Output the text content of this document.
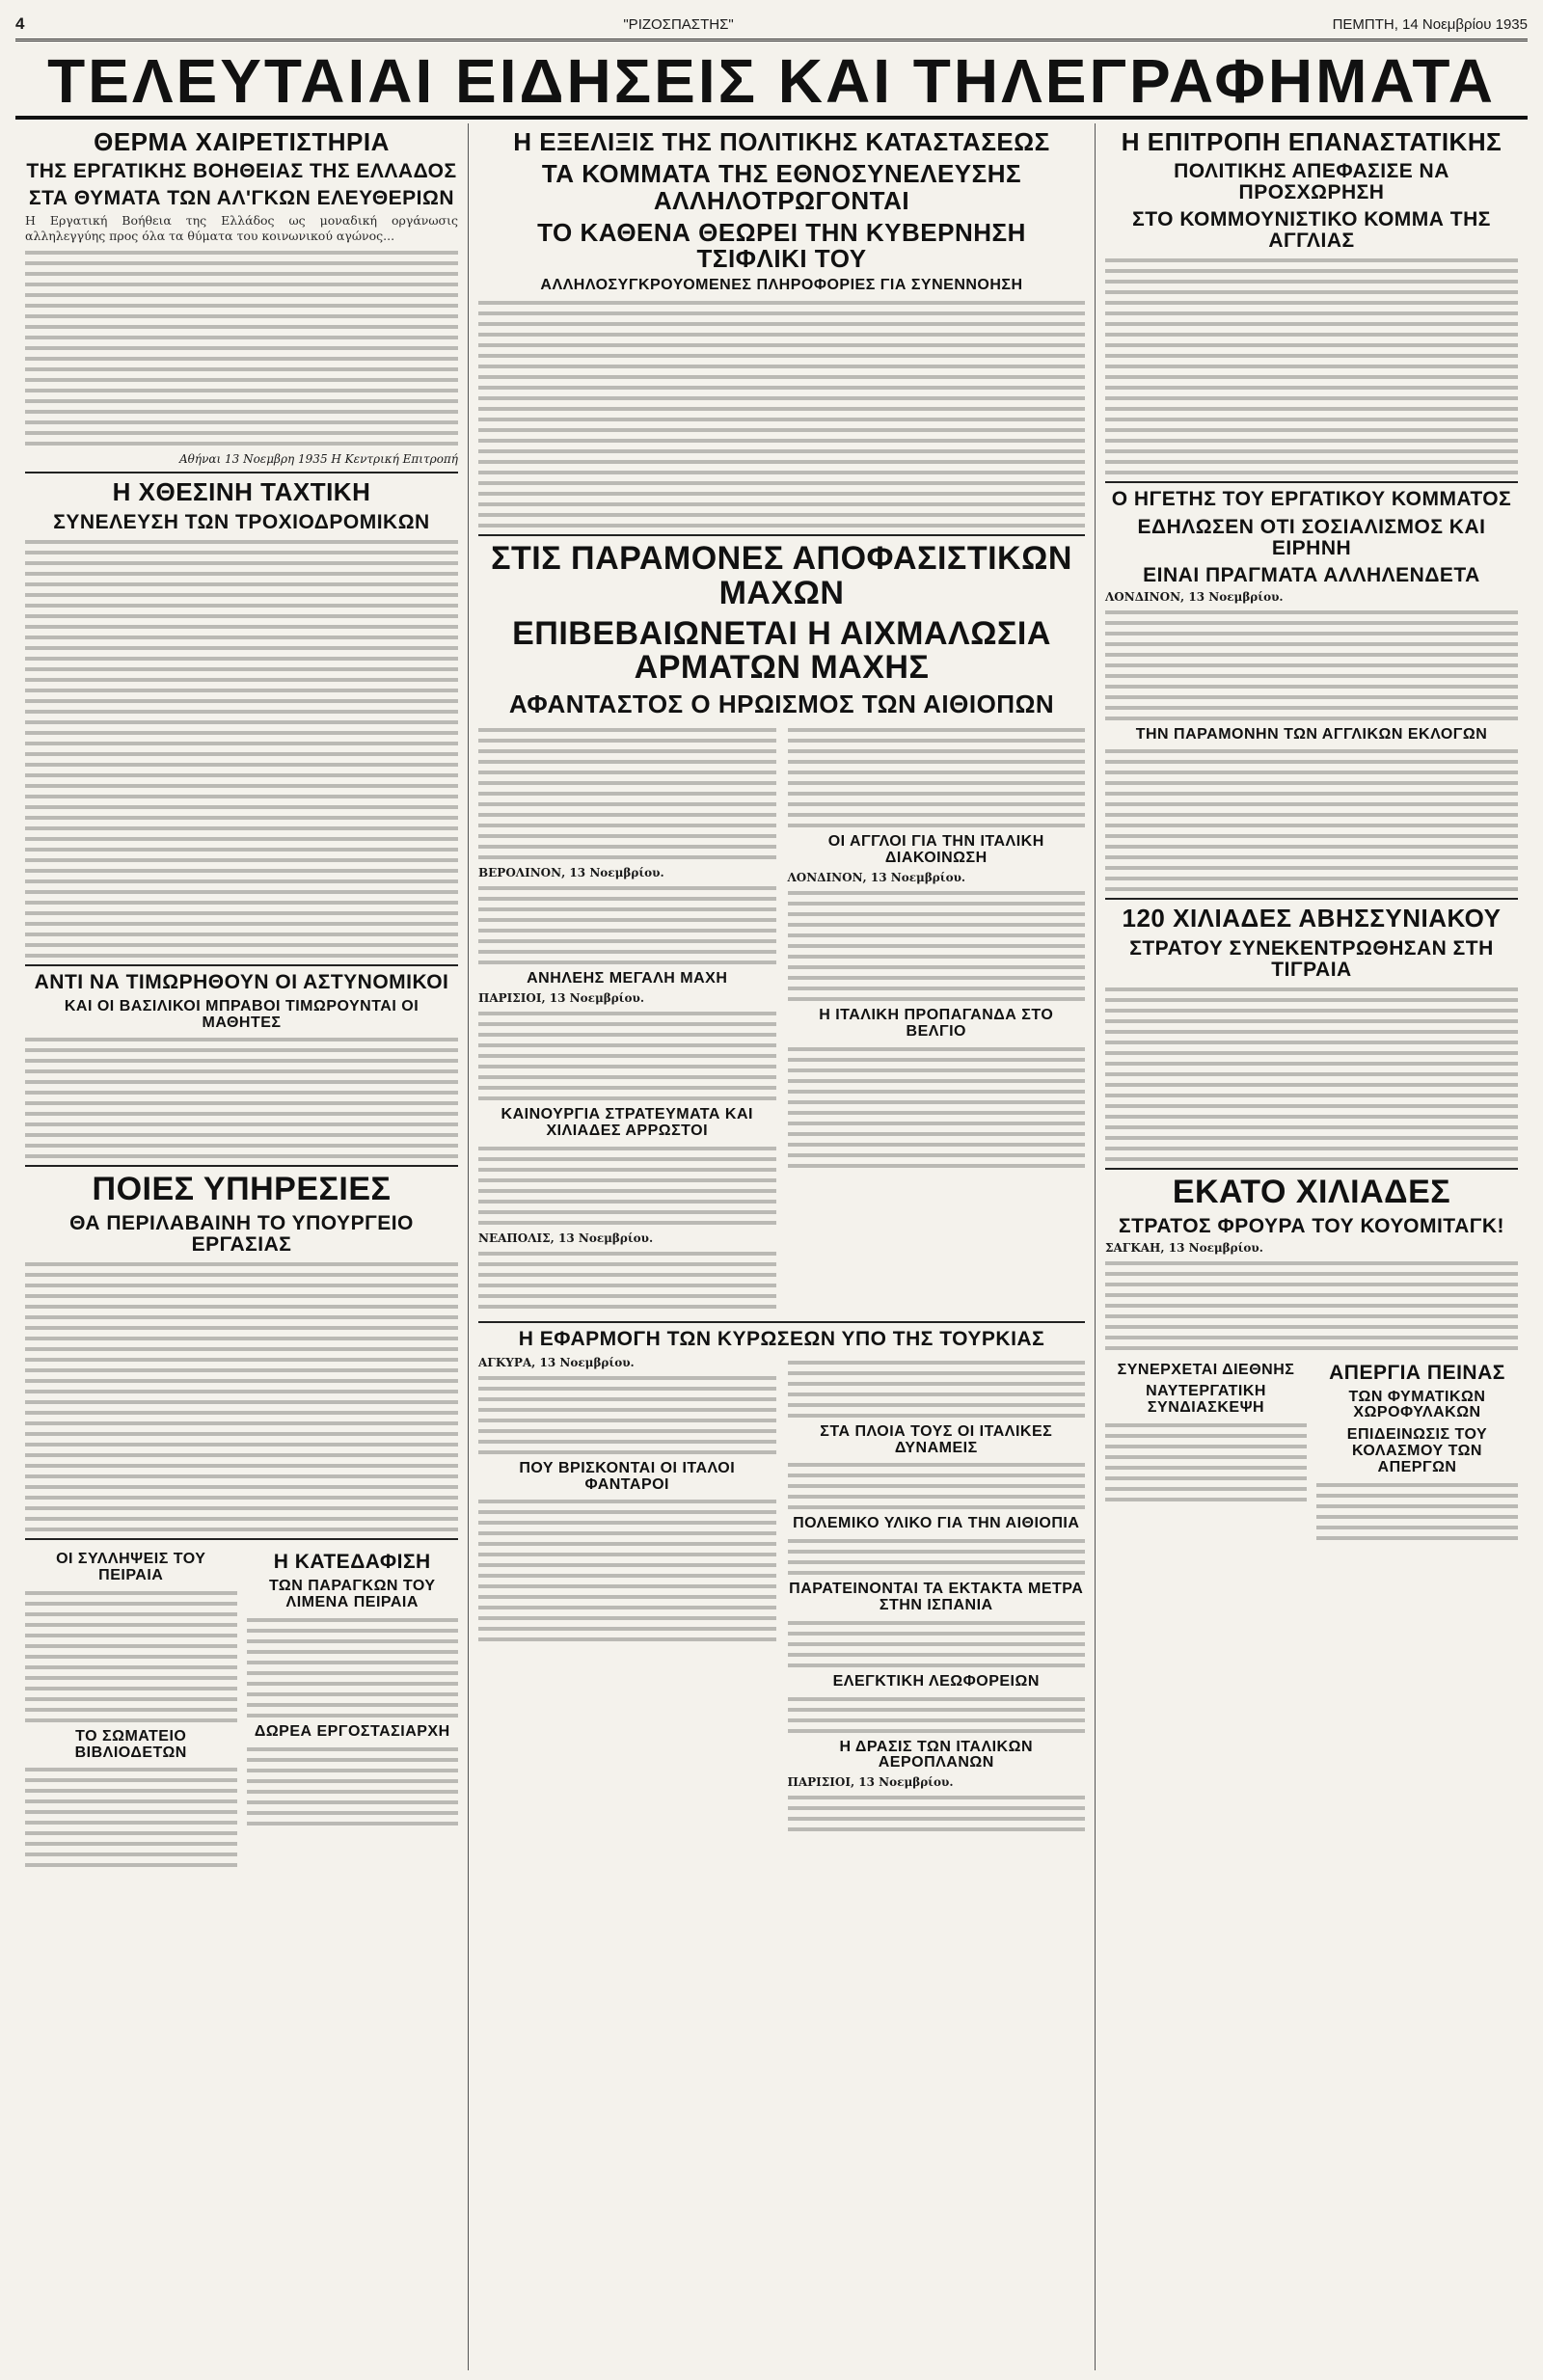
4	"ΡΙΖΟΣΠΑΣΤΗΣ"	ΠΕΜΠΤΗ, 14 Νοεμβρίου 1935
ΤΕΛΕΥΤΑΙΑΙ ΕΙΔΗΣΕΙΣ ΚΑΙ ΤΗΛΕΓΡΑΦΗΜΑΤΑ
ΘΕΡΜΑ ΧΑΙΡΕΤΙΣΤΗΡΙΑ
ΤΗΣ ΕΡΓΑΤΙΚΗΣ ΒΟΗΘΕΙΑΣ ΤΗΣ ΕΛΛΑΔΟΣ
ΣΤΑ ΘΥΜΑΤΑ ΤΩΝ ΑΛ'ΓΚΩΝ ΕΛΕΥΘΕΡΙΩΝ

Η Εργατική Βοήθεια της Ελλάδος ως μοναδική οργάνωσις αλληλεγγύης προς όλα τα θύματα του κοινωνικού αγώνος...

Αθήναι 13 Νοεμβρη 1935 Η Κεντρική Επιτροπή
Η ΧΘΕΣΙΝΗ ΤΑΧΤΙΚΗ
ΣΥΝΕΛΕΥΣΗ ΤΩΝ ΤΡΟΧΙΟΔΡΟΜΙΚΩΝ
ΑΝΤΙ ΝΑ ΤΙΜΩΡΗΘΟΥΝ ΟΙ ΑΣΤΥΝΟΜΙΚΟΙ
ΚΑΙ ΟΙ ΒΑΣΙΛΙΚΟΙ ΜΠΡΑΒΟΙ ΤΙΜΩΡΟΥΝΤΑΙ ΟΙ ΜΑΘΗΤΕΣ
ΠΟΙΕΣ ΥΠΗΡΕΣΙΕΣ
ΘΑ ΠΕΡΙΛΑΒΑΙΝΗ ΤΟ ΥΠΟΥΡΓΕΙΟ ΕΡΓΑΣΙΑΣ
ΟΙ ΣΥΛΛΗΨΕΙΣ ΤΟΥ ΠΕΙΡΑΙΑ
ΤΟ ΣΩΜΑΤΕΙΟ ΒΙΒΛΙΟΔΕΤΩΝ
Η ΚΑΤΕΔΑΦΙΣΗ
ΤΩΝ ΠΑΡΑΓΚΩΝ ΤΟΥ ΛΙΜΕΝΑ ΠΕΙΡΑΙΑ
ΔΩΡΕΑ ΕΡΓΟΣΤΑΣΙΑΡΧΗ
Η ΕΞΕΛΙΞΙΣ ΤΗΣ ΠΟΛΙΤΙΚΗΣ ΚΑΤΑΣΤΑΣΕΩΣ
ΤΑ ΚΟΜΜΑΤΑ ΤΗΣ ΕΘΝΟΣΥΝΕΛΕΥΣΗΣ ΑΛΛΗΛΟΤΡΩΓΟΝΤΑΙ
ΤΟ ΚΑΘΕΝΑ ΘΕΩΡΕΙ ΤΗΝ ΚΥΒΕΡΝΗΣΗ ΤΣΙΦΛΙΚΙ ΤΟΥ
ΑΛΛΗΛΟΣΥΓΚΡΟΥΟΜΕΝΕΣ ΠΛΗΡΟΦΟΡΙΕΣ ΓΙΑ ΣΥΝΕΝΝΟΗΣΗ
ΣΤΙΣ ΠΑΡΑΜΟΝΕΣ ΑΠΟΦΑΣΙΣΤΙΚΩΝ ΜΑΧΩΝ
ΕΠΙΒΕΒΑΙΩΝΕΤΑΙ Η ΑΙΧΜΑΛΩΣΙΑ ΑΡΜΑΤΩΝ ΜΑΧΗΣ
ΑΦΑΝΤΑΣΤΟΣ Ο ΗΡΩΙΣΜΟΣ ΤΩΝ ΑΙΘΙΟΠΩΝ
ΒΕΡΟΛΙΝΟΝ, 13 Νοεμβρίου.
ΑΝΗΛΕΗΣ ΜΕΓΑΛΗ ΜΑΧΗ
ΠΑΡΙΣΙΟΙ, 13 Νοεμβρίου.
ΚΑΙΝΟΥΡΓΙΑ ΣΤΡΑΤΕΥΜΑΤΑ ΚΑΙ ΧΙΛΙΑΔΕΣ ΑΡΡΩΣΤΟΙ
ΝΕΑΠΟΛΙΣ, 13 Νοεμβρίου.
ΟΙ ΑΓΓΛΟΙ ΓΙΑ ΤΗΝ ΙΤΑΛΙΚΗ ΔΙΑΚΟΙΝΩΣΗ
ΛΟΝΔΙΝΟΝ, 13 Νοεμβρίου.
Η ΙΤΑΛΙΚΗ ΠΡΟΠΑΓΑΝΔΑ ΣΤΟ ΒΕΛΓΙΟ
Η ΕΦΑΡΜΟΓΗ ΤΩΝ ΚΥΡΩΣΕΩΝ ΥΠΟ ΤΗΣ ΤΟΥΡΚΙΑΣ
ΑΓΚΥΡΑ, 13 Νοεμβρίου.
ΠΟΥ ΒΡΙΣΚΟΝΤΑΙ ΟΙ ΙΤΑΛΟΙ ΦΑΝΤΑΡΟΙ
ΣΤΑ ΠΛΟΙΑ ΤΟΥΣ ΟΙ ΙΤΑΛΙΚΕΣ ΔΥΝΑΜΕΙΣ
ΠΟΛΕΜΙΚΟ ΥΛΙΚΟ ΓΙΑ ΤΗΝ ΑΙΘΙΟΠΙΑ
ΠΑΡΑΤΕΙΝΟΝΤΑΙ ΤΑ ΕΚΤΑΚΤΑ ΜΕΤΡΑ ΣΤΗΝ ΙΣΠΑΝΙΑ
ΕΛΕΓΚΤΙΚΗ ΛΕΩΦΟΡΕΙΩΝ
Η ΔΡΑΣΙΣ ΤΩΝ ΙΤΑΛΙΚΩΝ ΑΕΡΟΠΛΑΝΩΝ
ΠΑΡΙΣΙΟΙ, 13 Νοεμβρίου.
Η ΕΠΙΤΡΟΠΗ ΕΠΑΝΑΣΤΑΤΙΚΗΣ
ΠΟΛΙΤΙΚΗΣ ΑΠΕΦΑΣΙΣΕ ΝΑ ΠΡΟΣΧΩΡΗΣΗ
ΣΤΟ ΚΟΜΜΟΥΝΙΣΤΙΚΟ ΚΟΜΜΑ ΤΗΣ ΑΓΓΛΙΑΣ
Ο ΗΓΕΤΗΣ ΤΟΥ ΕΡΓΑΤΙΚΟΥ ΚΟΜΜΑΤΟΣ
ΕΔΗΛΩΣΕΝ ΟΤΙ ΣΟΣΙΑΛΙΣΜΟΣ ΚΑΙ ΕΙΡΗΝΗ
ΕΙΝΑΙ ΠΡΑΓΜΑΤΑ ΑΛΛΗΛΕΝΔΕΤΑ
ΛΟΝΔΙΝΟΝ, 13 Νοεμβρίου.
ΤΗΝ ΠΑΡΑΜΟΝΗΝ ΤΩΝ ΑΓΓΛΙΚΩΝ ΕΚΛΟΓΩΝ
120 ΧΙΛΙΑΔΕΣ ΑΒΗΣΣΥΝΙΑΚΟΥ
ΣΤΡΑΤΟΥ ΣΥΝΕΚΕΝΤΡΩΘΗΣΑΝ ΣΤΗ ΤΙΓΡΑΙΑ
ΕΚΑΤΟ ΧΙΛΙΑΔΕΣ
ΣΤΡΑΤΟΣ ΦΡΟΥΡΑ ΤΟΥ ΚΟΥΟΜΙΤΑΓΚ!
ΣΑΓΚΑΗ, 13 Νοεμβρίου.
ΣΥΝΕΡΧΕΤΑΙ ΔΙΕΘΝΗΣ
ΝΑΥΤΕΡΓΑΤΙΚΗ ΣΥΝΔΙΑΣΚΕΨΗ
ΑΠΕΡΓΙΑ ΠΕΙΝΑΣ
ΤΩΝ ΦΥΜΑΤΙΚΩΝ ΧΩΡΟΦΥΛΑΚΩΝ
ΕΠΙΔΕΙΝΩΣΙΣ ΤΟΥ ΚΟΛΑΣΜΟΥ ΤΩΝ ΑΠΕΡΓΩΝ
